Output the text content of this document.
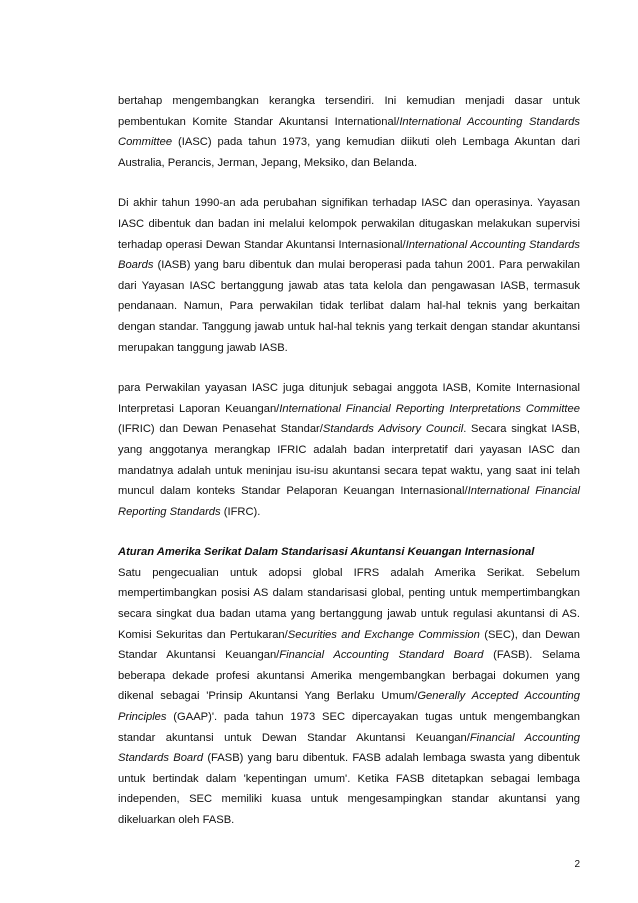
bertahap mengembangkan kerangka tersendiri. Ini kemudian menjadi dasar untuk pembentukan Komite Standar Akuntansi International/International Accounting Standards Committee (IASC) pada tahun 1973, yang kemudian diikuti oleh Lembaga Akuntan dari Australia, Perancis, Jerman, Jepang, Meksiko, dan Belanda.

Di akhir tahun 1990-an ada perubahan signifikan terhadap IASC dan operasinya. Yayasan IASC dibentuk dan badan ini melalui kelompok perwakilan ditugaskan melakukan supervisi terhadap operasi Dewan Standar Akuntansi Internasional/International Accounting Standards Boards (IASB) yang baru dibentuk dan mulai beroperasi pada tahun 2001. Para perwakilan dari Yayasan IASC bertanggung jawab atas tata kelola dan pengawasan IASB, termasuk pendanaan. Namun, Para perwakilan tidak terlibat dalam hal-hal teknis yang berkaitan dengan standar. Tanggung jawab untuk hal-hal teknis yang terkait dengan standar akuntansi merupakan tanggung jawab IASB.

para Perwakilan yayasan IASC juga ditunjuk sebagai anggota IASB, Komite Internasional Interpretasi Laporan Keuangan/International Financial Reporting Interpretations Committee (IFRIC) dan Dewan Penasehat Standar/Standards Advisory Council. Secara singkat IASB, yang anggotanya merangkap IFRIC adalah badan interpretatif dari yayasan IASC dan mandatnya adalah untuk meninjau isu-isu akuntansi secara tepat waktu, yang saat ini telah muncul dalam konteks Standar Pelaporan Keuangan Internasional/International Financial Reporting Standards (IFRC).

Aturan Amerika Serikat Dalam Standarisasi Akuntansi Keuangan Internasional

Satu pengecualian untuk adopsi global IFRS adalah Amerika Serikat. Sebelum mempertimbangkan posisi AS dalam standarisasi global, penting untuk mempertimbangkan secara singkat dua badan utama yang bertanggung jawab untuk regulasi akuntansi di AS. Komisi Sekuritas dan Pertukaran/Securities and Exchange Commission (SEC), dan Dewan Standar Akuntansi Keuangan/Financial Accounting Standard Board (FASB). Selama beberapa dekade profesi akuntansi Amerika mengembangkan berbagai dokumen yang dikenal sebagai 'Prinsip Akuntansi Yang Berlaku Umum/Generally Accepted Accounting Principles (GAAP)'. pada tahun 1973 SEC dipercayakan tugas untuk mengembangkan standar akuntansi untuk Dewan Standar Akuntansi Keuangan/Financial Accounting Standards Board (FASB) yang baru dibentuk. FASB adalah lembaga swasta yang dibentuk untuk bertindak dalam 'kepentingan umum'. Ketika FASB ditetapkan sebagai lembaga independen, SEC memiliki kuasa untuk mengesampingkan standar akuntansi yang dikeluarkan oleh FASB.

2
